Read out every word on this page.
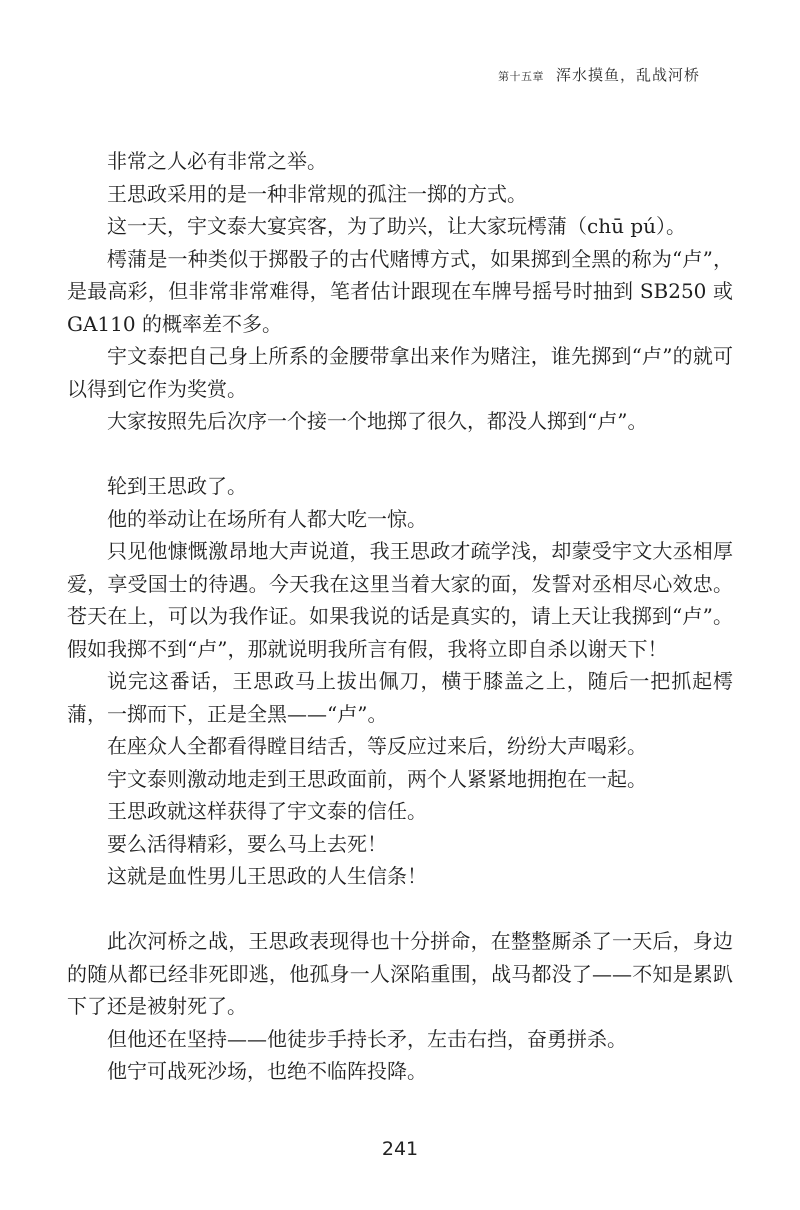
第十五章 浑水摸鱼，乱战河桥

非常之人必有非常之举。

王思政采用的是一种非常规的孤注一掷的方式。

这一天，宇文泰大宴宾客，为了助兴，让大家玩樗蒲（chū pú）。

樗蒲是一种类似于掷骰子的古代赌博方式，如果掷到全黑的称为“卢”，是最高彩，但非常非常难得，笔者估计跟现在车牌号摇号时抽到 SB250 或 GA110 的概率差不多。

宇文泰把自己身上所系的金腰带拿出来作为赌注，谁先掷到“卢”的就可以得到它作为奖赏。

大家按照先后次序一个接一个地掷了很久，都没人掷到“卢”。

轮到王思政了。

他的举动让在场所有人都大吃一惊。

只见他慷慨激昂地大声说道，我王思政才疏学浅，却蒙受宇文大丞相厚爱，享受国士的待遇。今天我在这里当着大家的面，发誓对丞相尽心效忠。苍天在上，可以为我作证。如果我说的话是真实的，请上天让我掷到“卢”。假如我掷不到“卢”，那就说明我所言有假，我将立即自杀以谢天下！

说完这番话，王思政马上拔出佩刀，横于膝盖之上，随后一把抓起樗蒲，一掷而下，正是全黑——“卢”。

在座众人全都看得瞠目结舌，等反应过来后，纷纷大声喝彩。

宇文泰则激动地走到王思政面前，两个人紧紧地拥抱在一起。

王思政就这样获得了宇文泰的信任。

要么活得精彩，要么马上去死！

这就是血性男儿王思政的人生信条！

此次河桥之战，王思政表现得也十分拼命，在整整厮杀了一天后，身边的随从都已经非死即逃，他孤身一人深陷重围，战马都没了——不知是累趴下了还是被射死了。

但他还在坚持——他徒步手持长矛，左击右挡，奋勇拼杀。

他宁可战死沙场，也绝不临阵投降。

241
